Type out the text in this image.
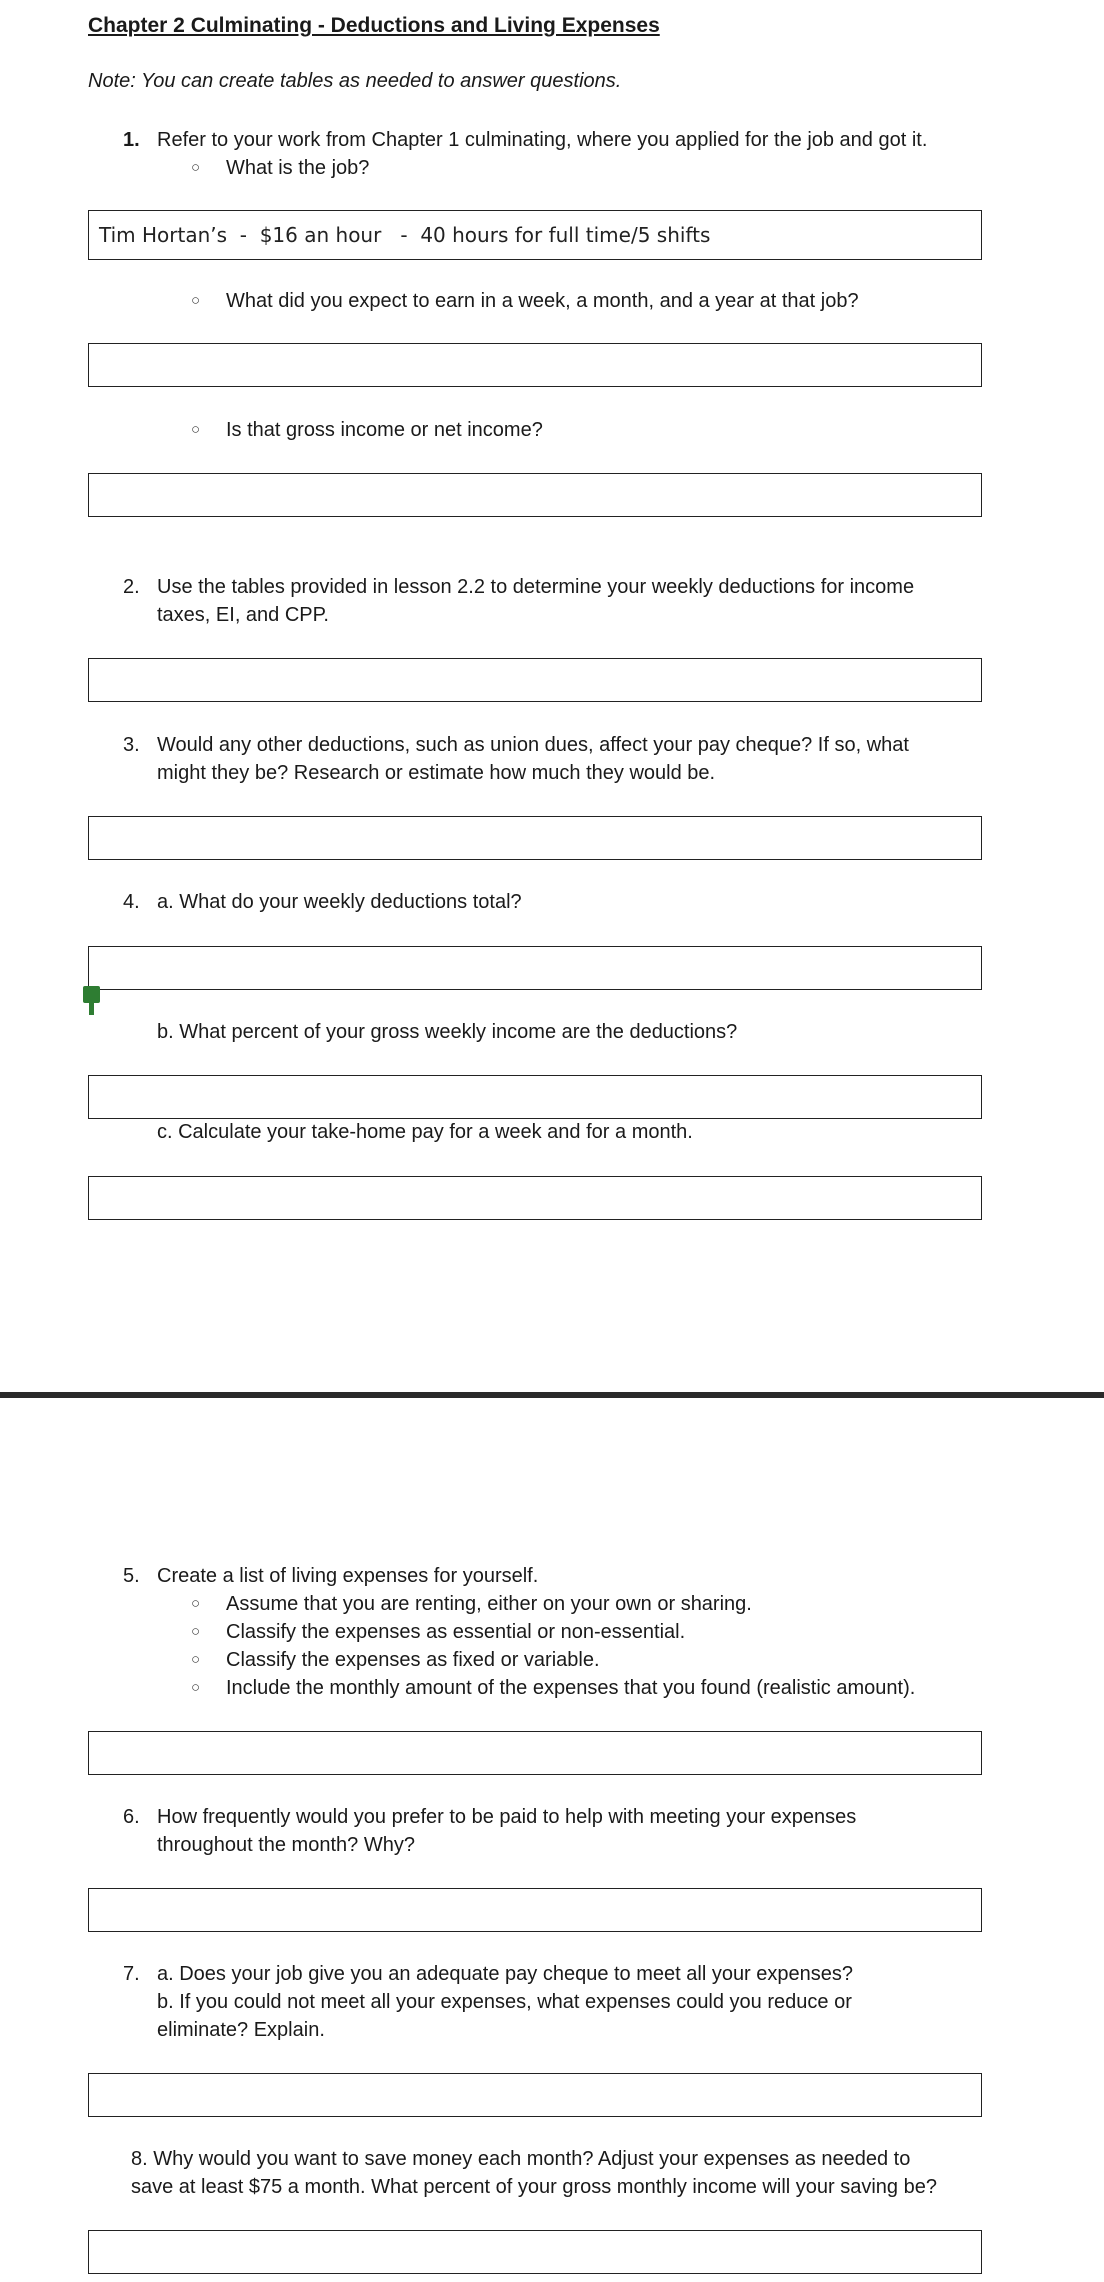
Chapter 2 Culminating - Deductions and Living Expenses
Note: You can create tables as needed to answer questions.
1. Refer to your work from Chapter 1 culminating, where you applied for the job and got it.
○ What is the job?
Tim Hortan’s  -  $16 an hour   -  40 hours for full time/5 shifts
○ What did you expect to earn in a week, a month, and a year at that job?
○ Is that gross income or net income?
2. Use the tables provided in lesson 2.2 to determine your weekly deductions for income
taxes, EI, and CPP.
3. Would any other deductions, such as union dues, affect your pay cheque? If so, what
might they be? Research or estimate how much they would be.
4. a. What do your weekly deductions total?
b. What percent of your gross weekly income are the deductions?
c. Calculate your take-home pay for a week and for a month.
5. Create a list of living expenses for yourself.
○ Assume that you are renting, either on your own or sharing.
○ Classify the expenses as essential or non-essential.
○ Classify the expenses as fixed or variable.
○ Include the monthly amount of the expenses that you found (realistic amount).
6. How frequently would you prefer to be paid to help with meeting your expenses
throughout the month? Why?
7. a. Does your job give you an adequate pay cheque to meet all your expenses?
b. If you could not meet all your expenses, what expenses could you reduce or
eliminate? Explain.
8. Why would you want to save money each month? Adjust your expenses as needed to
save at least $75 a month. What percent of your gross monthly income will your saving be?
